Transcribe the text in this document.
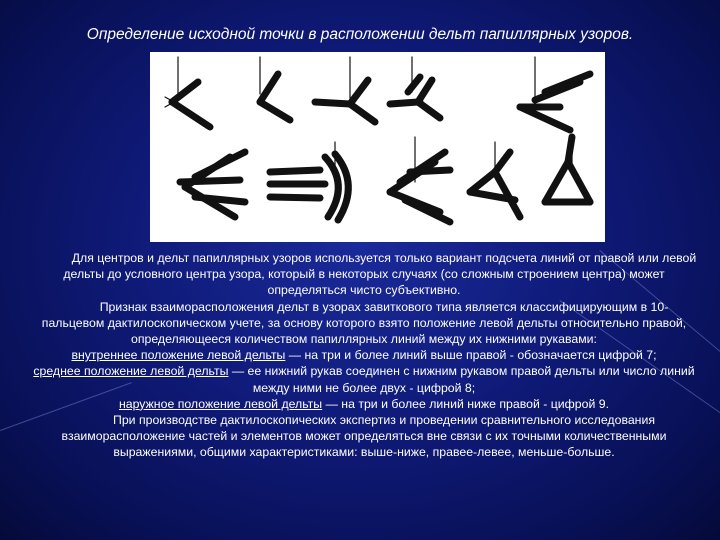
Определение исходной точки в расположении дельт папиллярных узоров.
Для центров и дельт папиллярных узоров используется только вариант подсчета линий от правой или левой дельты до условного центра узора, который в некоторых случаях (со сложным строением центра) может определяться чисто субъективно.
Признак взаиморасположения дельт в узорах завиткового типа является классифицирующим в 10-пальцевом дактилоскопическом учете, за основу которого взято положение левой дельты относительно правой, определяющееся количеством папиллярных линий между их нижними рукавами:
внутреннее положение левой дельты — на три и более линий выше правой - обозначается цифрой 7;
среднее положение левой дельты — ее нижний рукав соединен с нижним рукавом правой дельты или число линий между ними не более двух - цифрой 8;
наружное положение левой дельты — на три и более линий ниже правой - цифрой 9.
При производстве дактилоскопических экспертиз и проведении сравнительного исследования взаиморасположение частей и элементов может определяться вне связи с их точными количественными выражениями, общими характеристиками: выше-ниже, правее-левее, меньше-больше.
